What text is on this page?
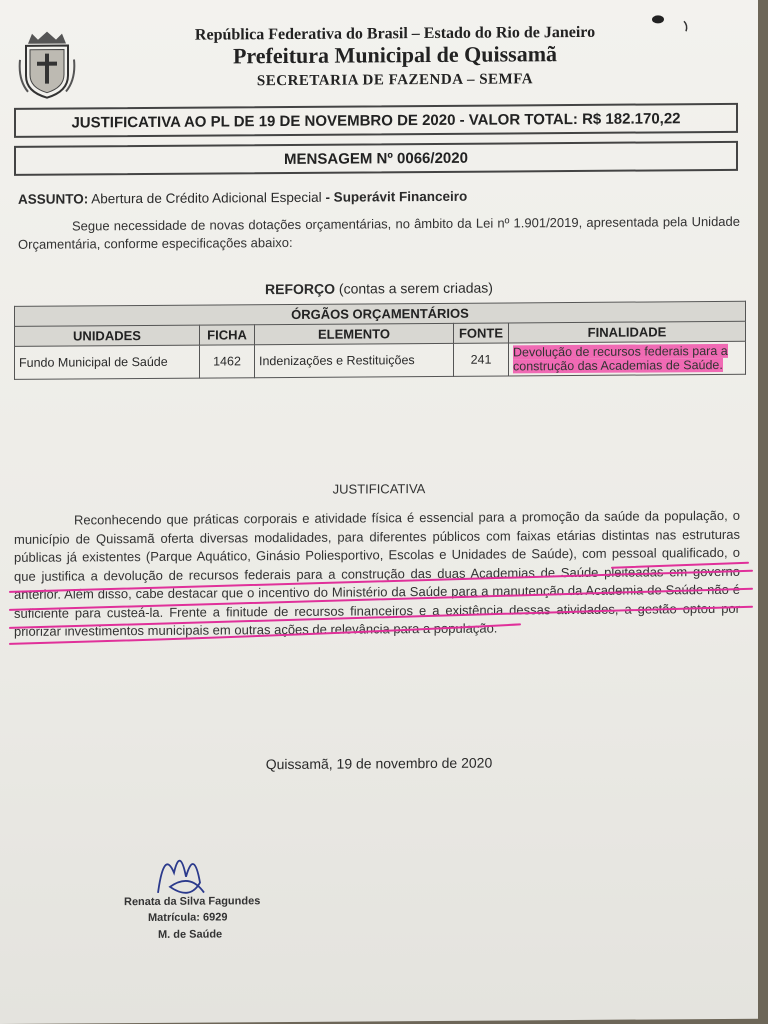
República Federativa do Brasil – Estado do Rio de Janeiro
Prefeitura Municipal de Quissamã
SECRETARIA DE FAZENDA – SEMFA
JUSTIFICATIVA AO PL DE 19 DE NOVEMBRO DE 2020 - VALOR TOTAL: R$ 182.170,22
MENSAGEM Nº 0066/2020
ASSUNTO: Abertura de Crédito Adicional Especial - Superávit Financeiro
Segue necessidade de novas dotações orçamentárias, no âmbito da Lei nº 1.901/2019, apresentada pela Unidade Orçamentária, conforme especificações abaixo:
REFORÇO (contas a serem criadas)
ÓRGÃOS ORÇAMENTÁRIOS				
UNIDADES	FICHA	ELEMENTO	FONTE	FINALIDADE
Fundo Municipal de Saúde	1462	Indenizações e Restituições	241	Devolução de recursos federais para a construção das Academias de Saúde.
JUSTIFICATIVA
Reconhecendo que práticas corporais e atividade física é essencial para a promoção da saúde da população, o município de Quissamã oferta diversas modalidades, para diferentes públicos com faixas etárias distintas nas estruturas públicas já existentes (Parque Aquático, Ginásio Poliesportivo, Escolas e Unidades de Saúde), com pessoal qualificado, o que justifica a devolução de recursos federais para a construção das duas Academias de Saúde pleiteadas em governo anterior. Além disso, cabe destacar que o incentivo do Ministério da Saúde para a manutenção da Academia de Saúde não é suficiente para custeá-la. Frente a finitude de recursos financeiros e a existência dessas atividades, a gestão optou por priorizar investimentos municipais em outras ações de relevância para a população.
Quissamã, 19 de novembro de 2020
Renata da Silva Fagundes
Matrícula: 6929
M. de Saúde
